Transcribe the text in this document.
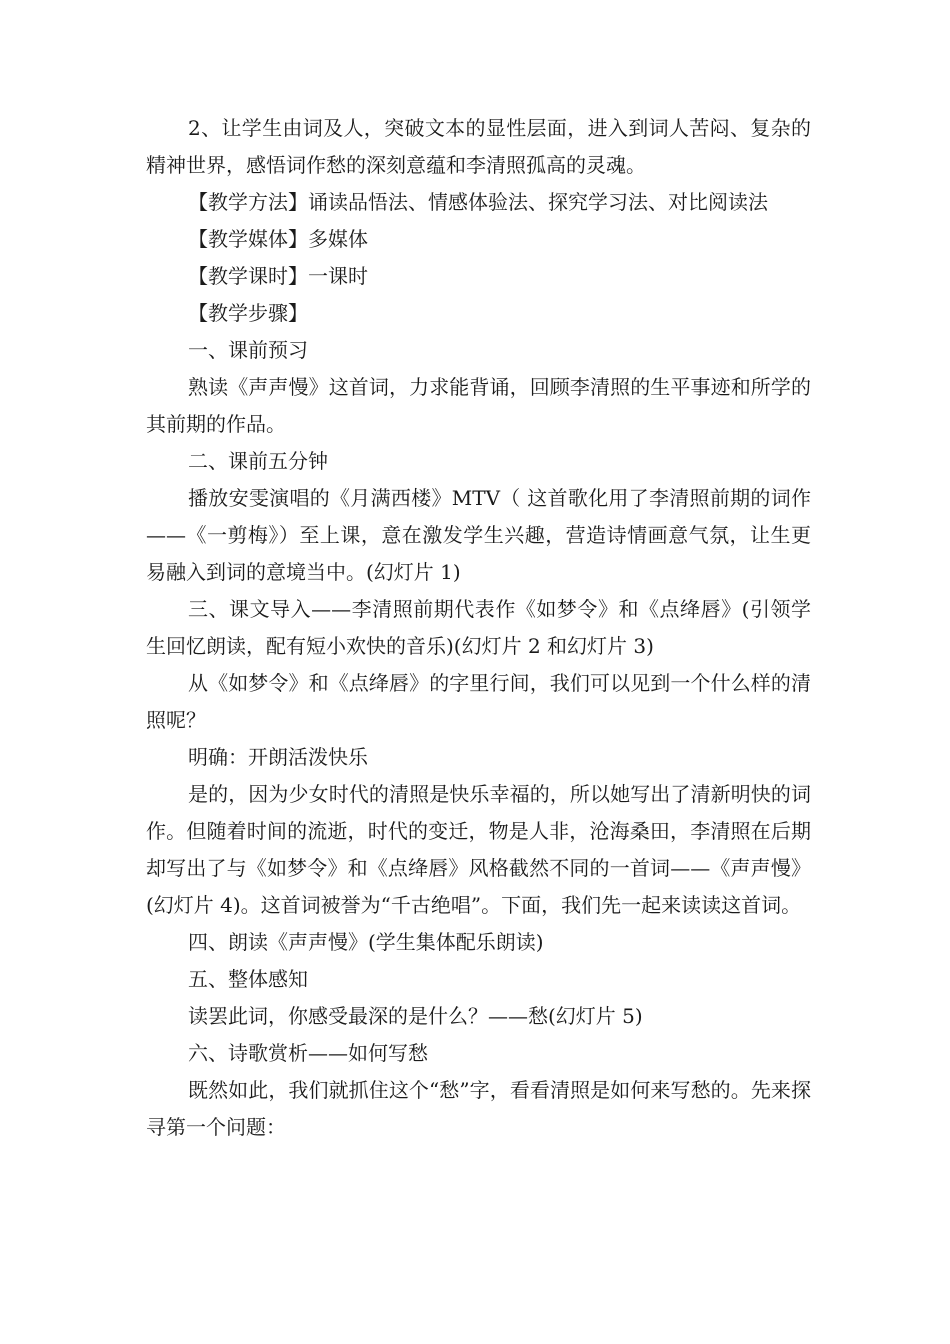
2、让学生由词及人，突破文本的显性层面，进入到词人苦闷、复杂的精神世界，感悟词作愁的深刻意蕴和李清照孤高的灵魂。

【教学方法】诵读品悟法、情感体验法、探究学习法、对比阅读法

【教学媒体】多媒体

【教学课时】一课时

【教学步骤】

一、课前预习

熟读《声声慢》这首词，力求能背诵，回顾李清照的生平事迹和所学的其前期的作品。

二、课前五分钟

播放安雯演唱的《月满西楼》MTV（ 这首歌化用了李清照前期的词作——《一剪梅》）至上课，意在激发学生兴趣，营造诗情画意气氛，让生更易融入到词的意境当中。(幻灯片 1)

三、课文导入——李清照前期代表作《如梦令》和《点绛唇》(引领学生回忆朗读，配有短小欢快的音乐)(幻灯片 2 和幻灯片 3)

从《如梦令》和《点绛唇》的字里行间，我们可以见到一个什么样的清照呢？

明确：开朗活泼快乐

是的，因为少女时代的清照是快乐幸福的，所以她写出了清新明快的词作。但随着时间的流逝，时代的变迁，物是人非，沧海桑田，李清照在后期却写出了与《如梦令》和《点绛唇》风格截然不同的一首词——《声声慢》(幻灯片 4)。这首词被誉为“千古绝唱”。下面，我们先一起来读读这首词。

四、朗读《声声慢》(学生集体配乐朗读)

五、整体感知

读罢此词，你感受最深的是什么？——愁(幻灯片 5)

六、诗歌赏析——如何写愁

既然如此，我们就抓住这个“愁”字，看看清照是如何来写愁的。先来探寻第一个问题：
